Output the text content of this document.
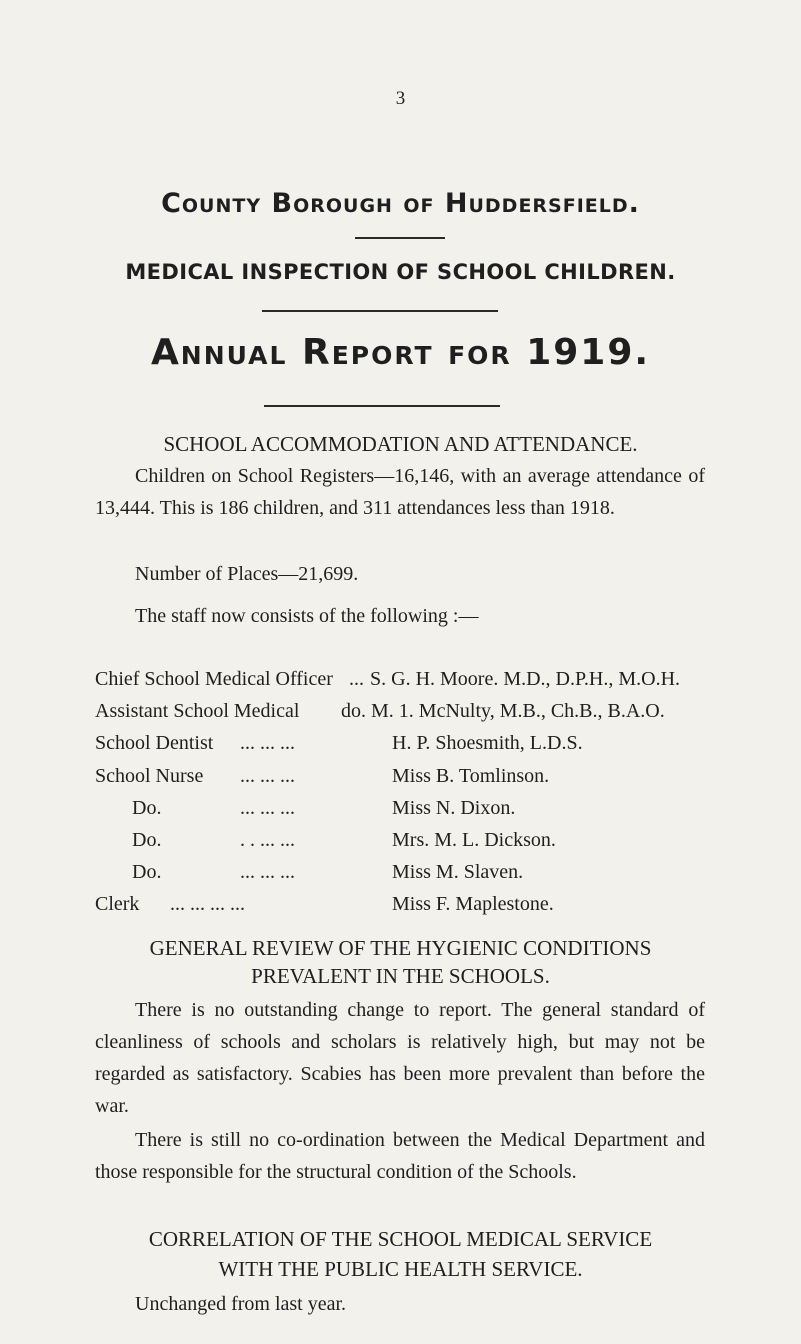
3
County Borough of Huddersfield.
MEDICAL INSPECTION OF SCHOOL CHILDREN.
Annual Report for 1919.
SCHOOL ACCOMMODATION AND ATTENDANCE.
Children on School Registers—16,146, with an average attendance of 13,444. This is 186 children, and 311 attendances less than 1918.
Number of Places—21,699.
The staff now consists of the following :—
Chief School Medical Officer ... S. G. H. Moore. M.D., D.P.H., M.O.H.
Assistant School Medical do. M. 1. McNulty, M.B., Ch.B., B.A.O.
School Dentist ... ... ...	H. P. Shoesmith, L.D.S.
School Nurse ... ... ...	Miss B. Tomlinson.
Do.	... ... ...	Miss N. Dixon.
Do.	. . ... ...	Mrs. M. L. Dickson.
Do.	... ... ...	Miss M. Slaven.
Clerk ... ... ... ...	Miss F. Maplestone.
GENERAL REVIEW OF THE HYGIENIC CONDITIONS
PREVALENT IN THE SCHOOLS.
There is no outstanding change to report. The general standard of cleanliness of schools and scholars is relatively high, but may not be regarded as satisfactory. Scabies has been more prevalent than before the war.
There is still no co-ordination between the Medical Department and those responsible for the structural condition of the Schools.
CORRELATION OF THE SCHOOL MEDICAL SERVICE
WITH THE PUBLIC HEALTH SERVICE.
Unchanged from last year.
